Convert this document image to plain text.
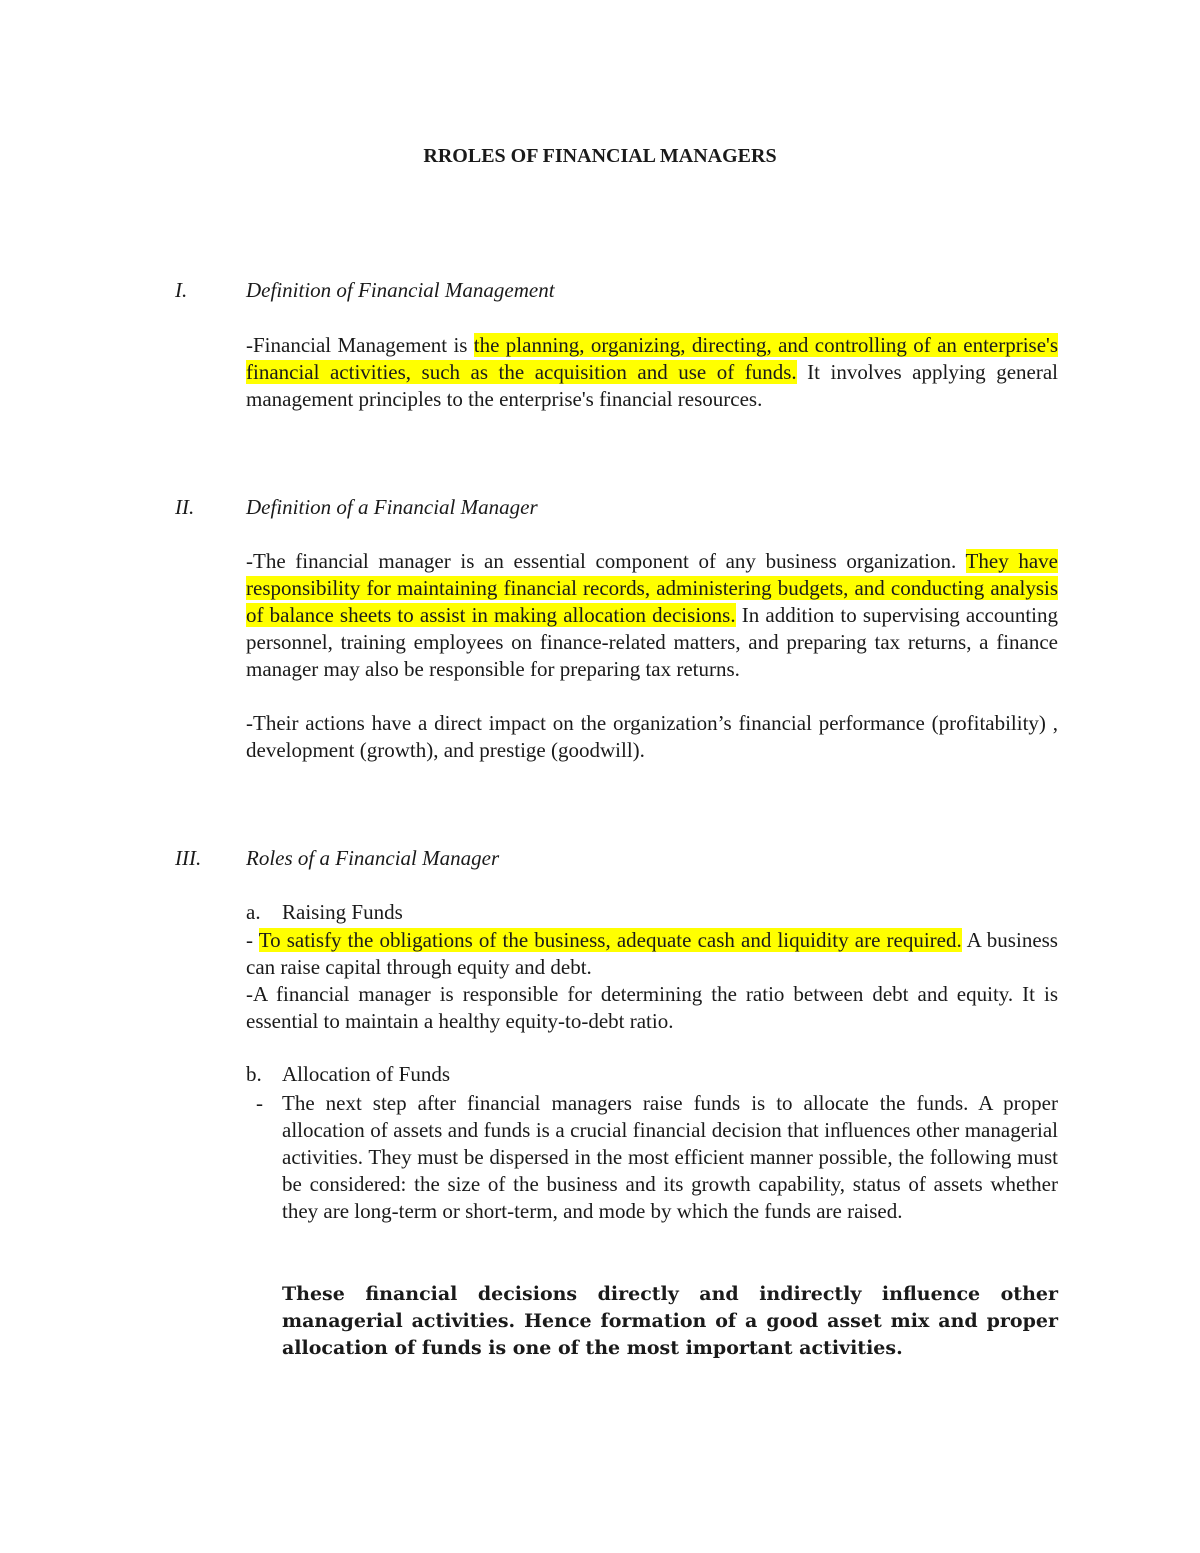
RROLES OF FINANCIAL MANAGERS
I.	Definition of Financial Management

-Financial Management is the planning, organizing, directing, and controlling of an enterprise's financial activities, such as the acquisition and use of funds. It involves applying general management principles to the enterprise's financial resources.

II. Definition of a Financial Manager

-The financial manager is an essential component of any business organization. They have responsibility for maintaining financial records, administering budgets, and conducting analysis of balance sheets to assist in making allocation decisions. In addition to supervising accounting personnel, training employees on finance-related matters, and preparing tax returns, a finance manager may also be responsible for preparing tax returns.

-Their actions have a direct impact on the organization’s financial performance (profitability) , development (growth), and prestige (goodwill).

III. Roles of a Financial Manager
a. Raising Funds

- To satisfy the obligations of the business, adequate cash and liquidity are required. A business can raise capital through equity and debt.

-A financial manager is responsible for determining the ratio between debt and equity. It is essential to maintain a healthy equity-to-debt ratio.

b. Allocation of Funds
- The next step after financial managers raise funds is to allocate the funds. A proper allocation of assets and funds is a crucial financial decision that influences other managerial activities. They must be dispersed in the most efficient manner possible, the following must be considered: the size of the business and its growth capability, status of assets whether they are long-term or short-term, and mode by which the funds are raised.

These financial decisions directly and indirectly influence other managerial activities. Hence formation of a good asset mix and proper allocation of funds is one of the most important activities.
